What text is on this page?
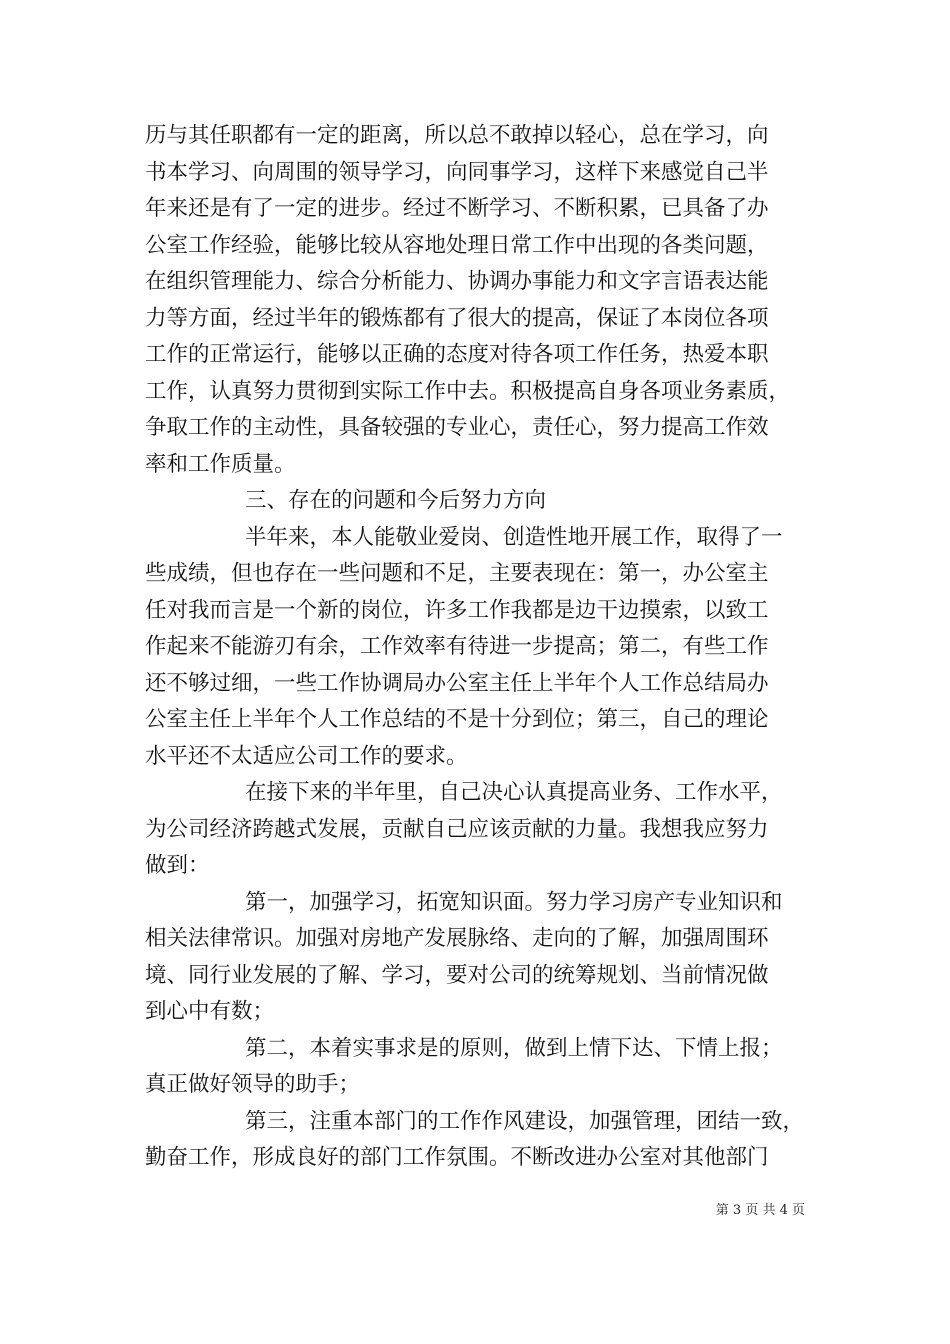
历与其任职都有一定的距离，所以总不敢掉以轻心，总在学习，向
书本学习、向周围的领导学习，向同事学习，这样下来感觉自己半
年来还是有了一定的进步。经过不断学习、不断积累，已具备了办
公室工作经验，能够比较从容地处理日常工作中出现的各类问题，
在组织管理能力、综合分析能力、协调办事能力和文字言语表达能
力等方面，经过半年的锻炼都有了很大的提高，保证了本岗位各项
工作的正常运行，能够以正确的态度对待各项工作任务，热爱本职
工作，认真努力贯彻到实际工作中去。积极提高自身各项业务素质，
争取工作的主动性，具备较强的专业心，责任心，努力提高工作效
率和工作质量。
三、存在的问题和今后努力方向
半年来，本人能敬业爱岗、创造性地开展工作，取得了一
些成绩，但也存在一些问题和不足，主要表现在：第一，办公室主
任对我而言是一个新的岗位，许多工作我都是边干边摸索，以致工
作起来不能游刃有余，工作效率有待进一步提高；第二，有些工作
还不够过细，一些工作协调局办公室主任上半年个人工作总结局办
公室主任上半年个人工作总结的不是十分到位；第三，自己的理论
水平还不太适应公司工作的要求。
在接下来的半年里，自己决心认真提高业务、工作水平，
为公司经济跨越式发展，贡献自己应该贡献的力量。我想我应努力
做到：
第一，加强学习，拓宽知识面。努力学习房产专业知识和
相关法律常识。加强对房地产发展脉络、走向的了解，加强周围环
境、同行业发展的了解、学习，要对公司的统筹规划、当前情况做
到心中有数；
第二，本着实事求是的原则，做到上情下达、下情上报；
真正做好领导的助手；
第三，注重本部门的工作作风建设，加强管理，团结一致，
勤奋工作，形成良好的部门工作氛围。不断改进办公室对其他部门
第 3 页 共 4 页
